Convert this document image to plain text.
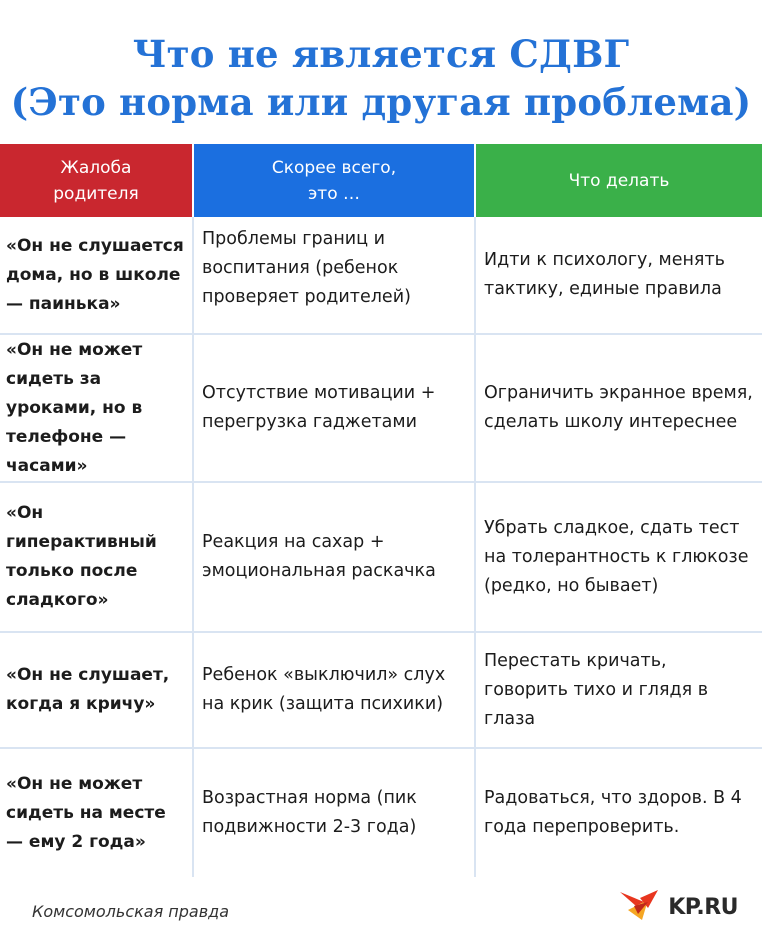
Что не является СДВГ
(Это норма или другая проблема)
Жалоба
родителя
Скорее всего,
это …
Что делать
«Он не слушается дома, но в школе — паинька»
Проблемы границ и воспитания (ребенок проверяет родителей)
Идти к психологу, менять тактику, единые правила
«Он не может сидеть за уроками, но в телефоне — часами»
Отсутствие мотивации + перегрузка гаджетами
Ограничить экранное время, сделать школу интереснее
«Он гиперактивный только после сладкого»
Реакция на сахар + эмоциональная раскачка
Убрать сладкое, сдать тест на толерантность к глюкозе (редко, но бывает)
«Он не слушает, когда я кричу»
Ребенок «выключил» слух на крик (защита психики)
Перестать кричать, говорить тихо и глядя в глаза
«Он не может сидеть на месте — ему 2 года»
Возрастная норма (пик подвижности 2-3 года)
Радоваться, что здоров. В 4 года перепроверить.
Комсомольская правда	KP.RU
